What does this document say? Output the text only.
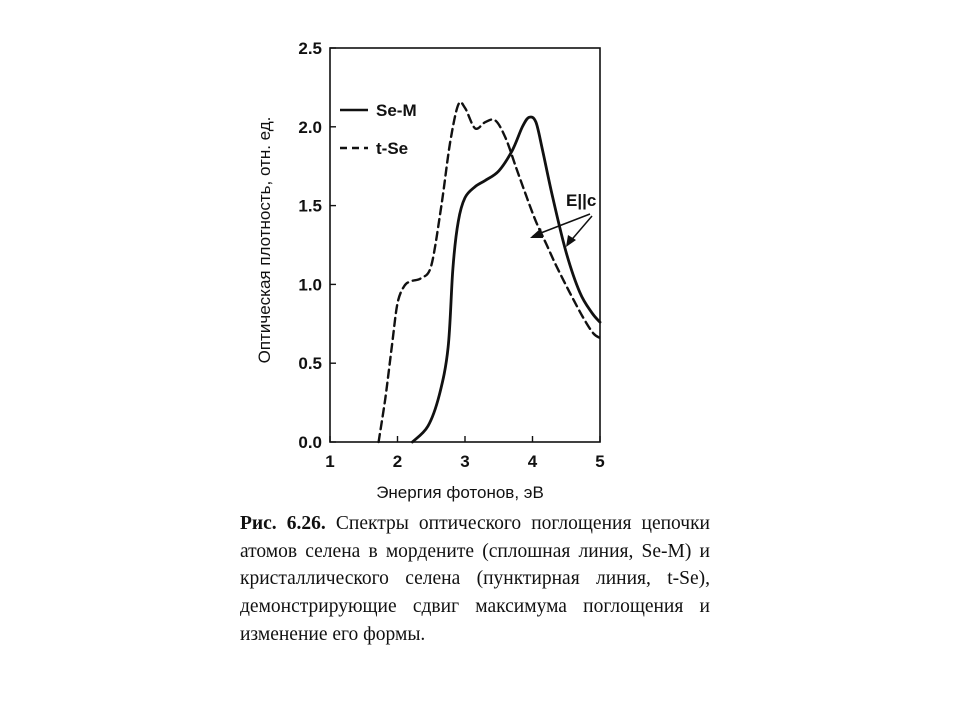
1	2	3	4	5
0.0
0.5
1.0
1.5
2.0
2.5
Se-M
t-Se
E||c
Энергия фотонов, эВ
Оптическая плотность, отн. ед.

Рис. 6.26. Спектры оптического поглощения цепочки атомов селена в мордените (сплошная линия, Se-M) и кристаллического селена (пунктирная линия, t-Se), демонстрирующие сдвиг максимума поглощения и изменение его формы.
